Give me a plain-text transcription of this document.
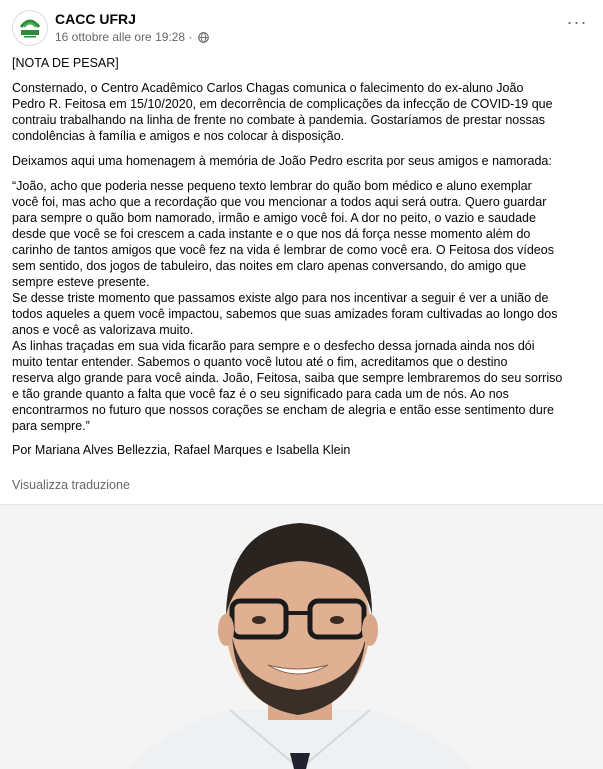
CACC UFRJ
16 ottobre alle ore 19:28 ·
···

[NOTA DE PESAR]

Consternado, o Centro Acadêmico Carlos Chagas comunica o falecimento do ex-aluno João
Pedro R. Feitosa em 15/10/2020, em decorrência de complicações da infecção de COVID-19 que
contraiu trabalhando na linha de frente no combate à pandemia. Gostaríamos de prestar nossas
condolências à família e amigos e nos colocar à disposição.

Deixamos aqui uma homenagem à memória de João Pedro escrita por seus amigos e namorada:

“João, acho que poderia nesse pequeno texto lembrar do quão bom médico e aluno exemplar
você foi, mas acho que a recordação que vou mencionar a todos aqui será outra. Quero guardar
para sempre o quão bom namorado, irmão e amigo você foi. A dor no peito, o vazio e saudade
desde que você se foi crescem a cada instante e o que nos dá força nesse momento além do
carinho de tantos amigos que você fez na vida é lembrar de como você era. O Feitosa dos vídeos
sem sentido, dos jogos de tabuleiro, das noites em claro apenas conversando, do amigo que
sempre esteve presente.
Se desse triste momento que passamos existe algo para nos incentivar a seguir é ver a união de
todos aqueles a quem você impactou, sabemos que suas amizades foram cultivadas ao longo dos
anos e você as valorizava muito.
As linhas traçadas em sua vida ficarão para sempre e o desfecho dessa jornada ainda nos dói
muito tentar entender. Sabemos o quanto você lutou até o fim, acreditamos que o destino
reserva algo grande para você ainda. João, Feitosa, saiba que sempre lembraremos do seu sorriso
e tão grande quanto a falta que você faz é o seu significado para cada um de nós. Ao nos
encontrarmos no futuro que nossos corações se encham de alegria e então esse sentimento dure
para sempre.”

Por Mariana Alves Bellezzia, Rafael Marques e Isabella Klein

Visualizza traduzione
